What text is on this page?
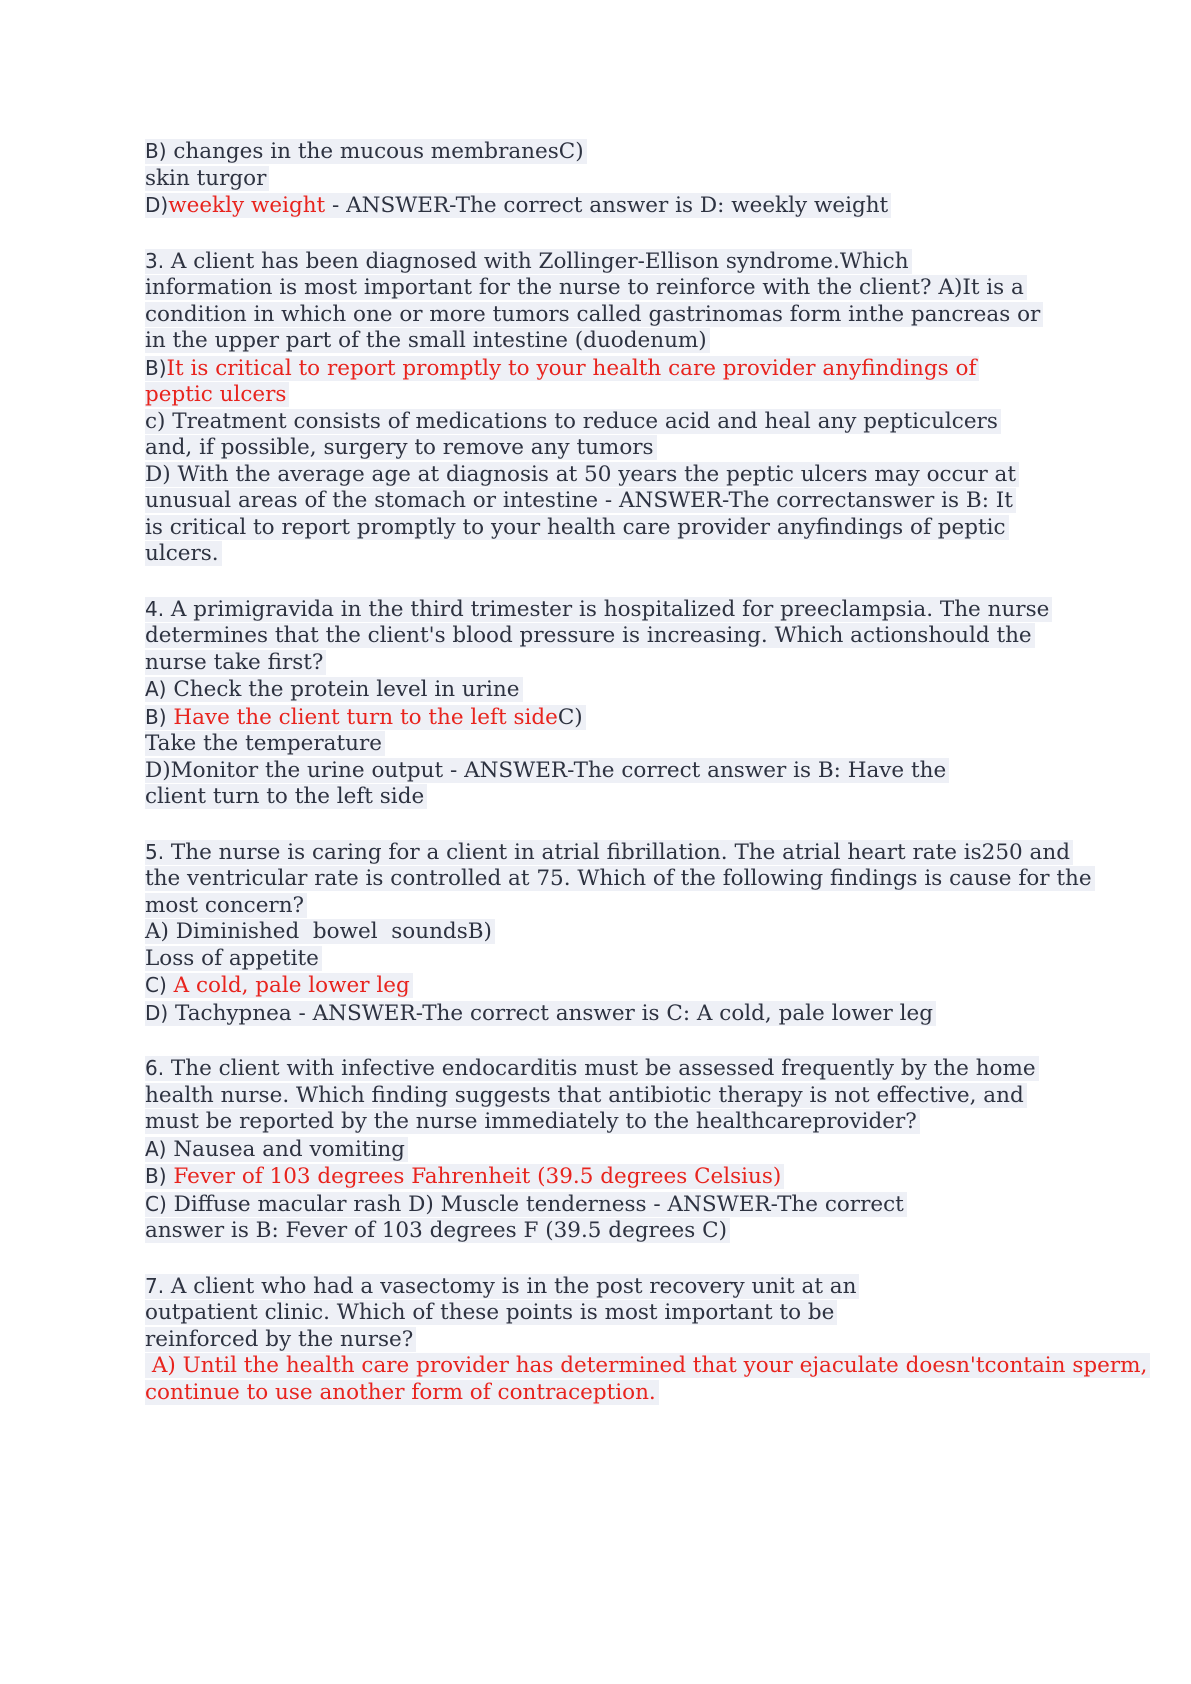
B) changes in the mucous membranesC)
skin turgor
D)weekly weight - ANSWER-The correct answer is D: weekly weight
3. A client has been diagnosed with Zollinger-Ellison syndrome.Which
information is most important for the nurse to reinforce with the client? A)It is a
condition in which one or more tumors called gastrinomas form inthe pancreas or
in the upper part of the small intestine (duodenum)
B)It is critical to report promptly to your health care provider anyfindings of
peptic ulcers
c) Treatment consists of medications to reduce acid and heal any pepticulcers
and, if possible, surgery to remove any tumors
D) With the average age at diagnosis at 50 years the peptic ulcers may occur at
unusual areas of the stomach or intestine - ANSWER-The correctanswer is B: It
is critical to report promptly to your health care provider anyfindings of peptic
ulcers.
4. A primigravida in the third trimester is hospitalized for preeclampsia. The nurse
determines that the client's blood pressure is increasing. Which actionshould the
nurse take first?
A) Check the protein level in urine
B) Have the client turn to the left sideC)
Take the temperature
D)Monitor the urine output - ANSWER-The correct answer is B: Have the
client turn to the left side
5. The nurse is caring for a client in atrial fibrillation. The atrial heart rate is250 and
the ventricular rate is controlled at 75. Which of the following findings is cause for the
most concern?
A) Diminished  bowel  soundsB)
Loss of appetite
C) A cold, pale lower leg
D) Tachypnea - ANSWER-The correct answer is C: A cold, pale lower leg
6. The client with infective endocarditis must be assessed frequently by the home
health nurse. Which finding suggests that antibiotic therapy is not effective, and
must be reported by the nurse immediately to the healthcareprovider?
A) Nausea and vomiting
B) Fever of 103 degrees Fahrenheit (39.5 degrees Celsius)
C) Diffuse macular rash D) Muscle tenderness - ANSWER-The correct
answer is B: Fever of 103 degrees F (39.5 degrees C)
7. A client who had a vasectomy is in the post recovery unit at an
outpatient clinic. Which of these points is most important to be
reinforced by the nurse?
A) Until the health care provider has determined that your ejaculate doesn'tcontain sperm,
continue to use another form of contraception.
